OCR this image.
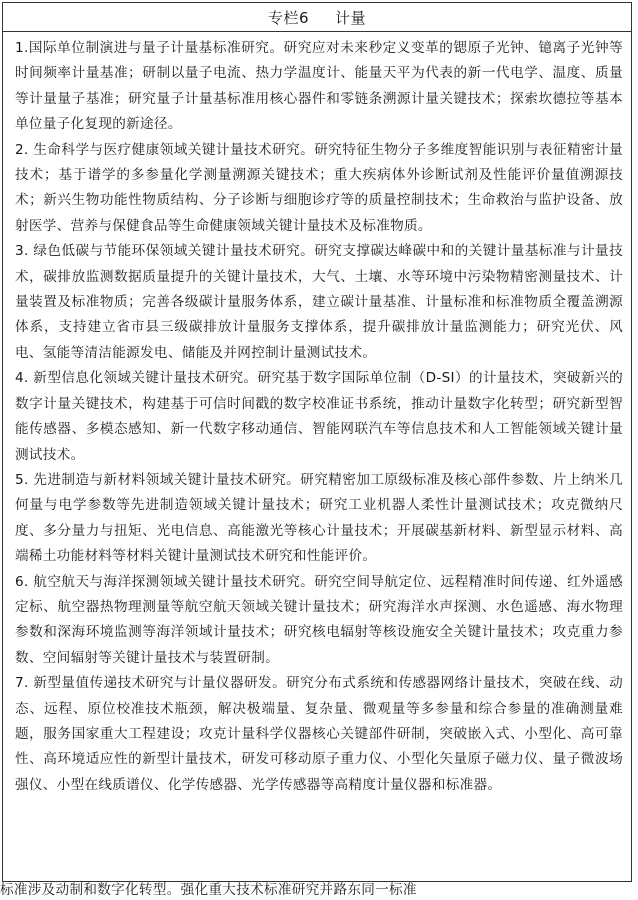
专栏6 计量

1.国际单位制演进与量子计量基标准研究。研究应对未来秒定义变革的锶原子光钟、镱离子光钟等时间频率计量基准；研制以量子电流、热力学温度计、能量天平为代表的新一代电学、温度、质量等计量量子基准；研究量子计量基标准用核心器件和零链条溯源计量关键技术；探索坎德拉等基本单位量子化复现的新途径。

2. 生命科学与医疗健康领域关键计量技术研究。研究特征生物分子多维度智能识别与表征精密计量技术；基于谱学的多参量化学测量溯源关键技术；重大疾病体外诊断试剂及性能评价量值溯源技术；新兴生物功能性物质结构、分子诊断与细胞诊疗等的质量控制技术；生命救治与监护设备、放射医学、营养与保健食品等生命健康领域关键计量技术及标准物质。

3. 绿色低碳与节能环保领域关键计量技术研究。研究支撑碳达峰碳中和的关键计量基标准与计量技术，碳排放监测数据质量提升的关键计量技术，大气、土壤、水等环境中污染物精密测量技术、计量装置及标准物质；完善各级碳计量服务体系，建立碳计量基准、计量标准和标准物质全覆盖溯源体系，支持建立省市县三级碳排放计量服务支撑体系，提升碳排放计量监测能力；研究光伏、风电、氢能等清洁能源发电、储能及并网控制计量测试技术。

4. 新型信息化领域关键计量技术研究。研究基于数字国际单位制（D-SI）的计量技术，突破新兴的数字计量关键技术，构建基于可信时间戳的数字校准证书系统，推动计量数字化转型；研究新型智能传感器、多模态感知、新一代数字移动通信、智能网联汽车等信息技术和人工智能领域关键计量测试技术。

5. 先进制造与新材料领域关键计量技术研究。研究精密加工原级标准及核心部件参数、片上纳米几何量与电学参数等先进制造领域关键计量技术；研究工业机器人柔性计量测试技术；攻克微纳尺度、多分量力与扭矩、光电信息、高能激光等核心计量技术；开展碳基新材料、新型显示材料、高端稀土功能材料等材料关键计量测试技术研究和性能评价。

6. 航空航天与海洋探测领域关键计量技术研究。研究空间导航定位、远程精准时间传递、红外遥感定标、航空器热物理测量等航空航天领域关键计量技术；研究海洋水声探测、水色遥感、海水物理参数和深海环境监测等海洋领域计量技术；研究核电辐射等核设施安全关键计量技术；攻克重力参数、空间辐射等关键计量技术与装置研制。

7. 新型量值传递技术研究与计量仪器研发。研究分布式系统和传感器网络计量技术，突破在线、动态、远程、原位校准技术瓶颈，解决极端量、复杂量、微观量等多参量和综合参量的准确测量难题，服务国家重大工程建设；攻克计量科学仪器核心关键部件研制，突破嵌入式、小型化、高可靠性、高环境适应性的新型计量技术，研发可移动原子重力仪、小型化矢量原子磁力仪、量子微波场强仪、小型在线质谱仪、化学传感器、光学传感器等高精度计量仪器和标准器。

标准涉及动制和数字化转型。强化重大技术标准研究并路东同一标准
